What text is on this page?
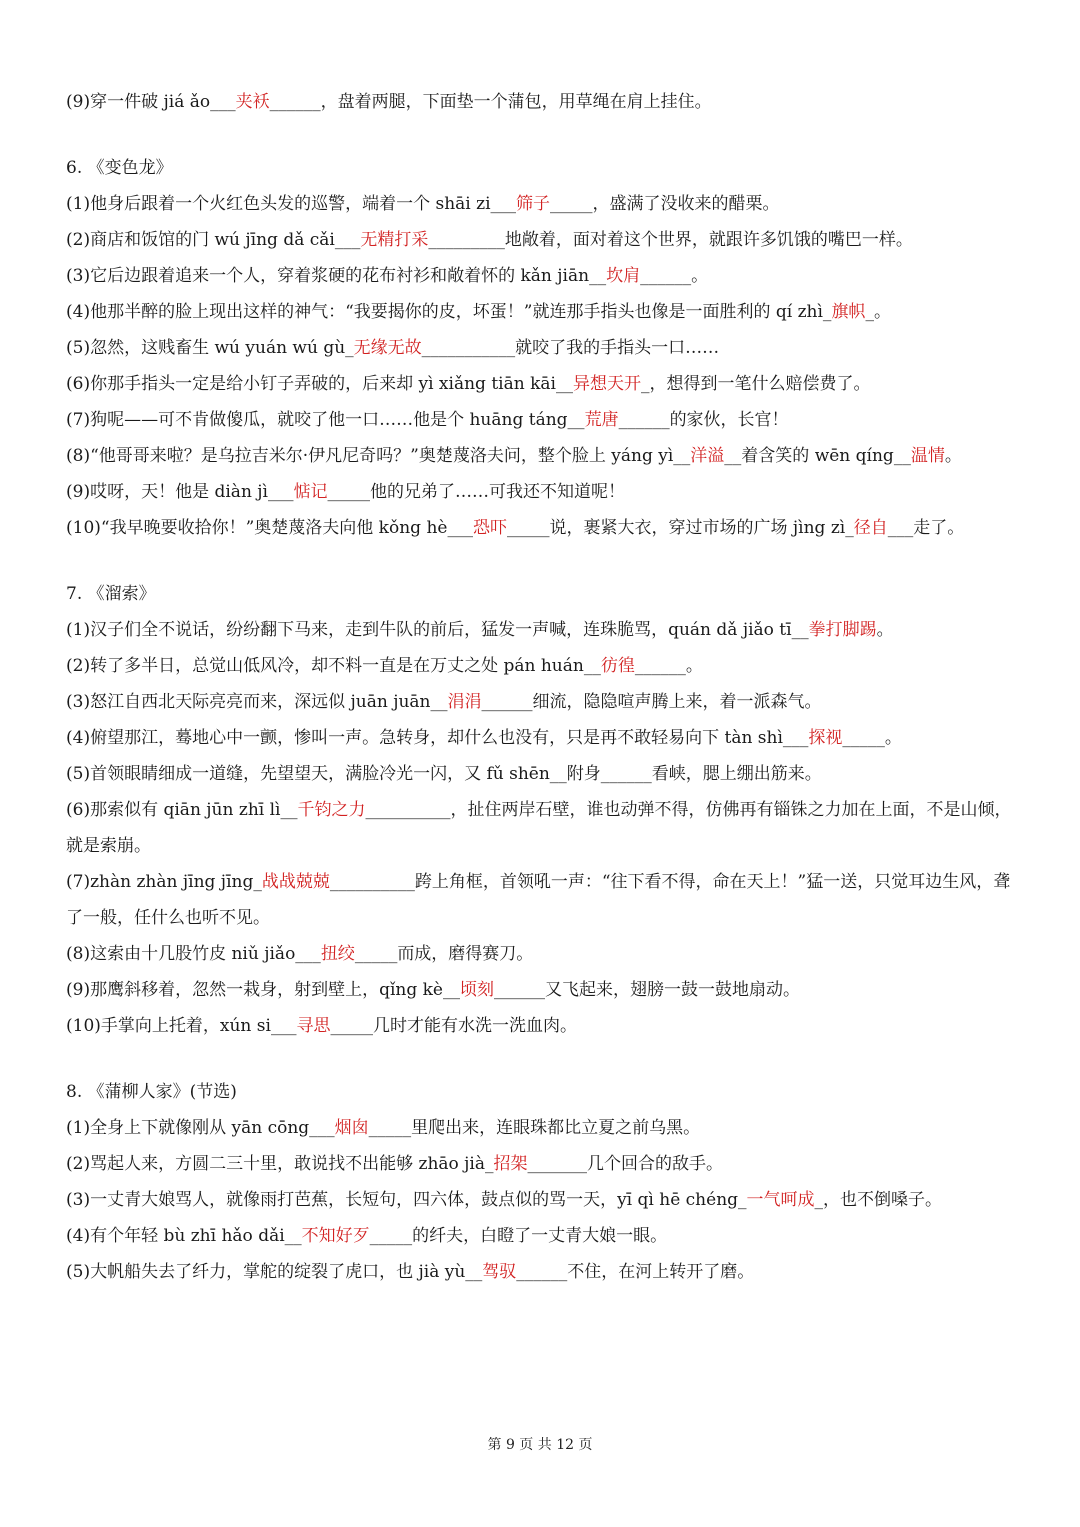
(9)穿一件破 jiá ǎo___夹袄______，盘着两腿，下面垫一个蒲包，用草绳在肩上挂住。
6. 《变色龙》
(1)他身后跟着一个火红色头发的巡警，端着一个 shāi zi___筛子_____，盛满了没收来的醋栗。
(2)商店和饭馆的门 wú jīng dǎ cǎi___无精打采_________地敞着，面对着这个世界，就跟许多饥饿的嘴巴一样。
(3)它后边跟着追来一个人，穿着浆硬的花布衬衫和敞着怀的 kǎn jiān__坎肩______。
(4)他那半醉的脸上现出这样的神气：“我要揭你的皮，坏蛋！”就连那手指头也像是一面胜利的 qí zhì_旗帜_。
(5)忽然，这贱畜生 wú yuán wú gù_无缘无故___________就咬了我的手指头一口……
(6)你那手指头一定是给小钉子弄破的，后来却 yì xiǎng tiān kāi__异想天开_，想得到一笔什么赔偿费了。
(7)狗呢——可不肯做傻瓜，就咬了他一口……他是个 huāng táng__荒唐______的家伙，长官！
(8)“他哥哥来啦？是乌拉吉米尔·伊凡尼奇吗？”奥楚蔑洛夫问，整个脸上 yáng yì__洋溢__着含笑的 wēn qíng__温情。
(9)哎呀，天！他是 diàn jì___惦记_____他的兄弟了……可我还不知道呢！
(10)“我早晚要收拾你！”奥楚蔑洛夫向他 kǒng hè___恐吓_____说，裹紧大衣，穿过市场的广场 jìng zì_径自___走了。
7. 《溜索》
(1)汉子们全不说话，纷纷翻下马来，走到牛队的前后，猛发一声喊，连珠脆骂，quán dǎ jiǎo tī__拳打脚踢。
(2)转了多半日，总觉山低风冷，却不料一直是在万丈之处 pán huán__彷徨______。
(3)怒江自西北天际亮亮而来，深远似 juān juān__涓涓______细流，隐隐喧声腾上来，着一派森气。
(4)俯望那江，蓦地心中一颤，惨叫一声。急转身，却什么也没有，只是再不敢轻易向下 tàn shì___探视_____。
(5)首领眼睛细成一道缝，先望望天，满脸冷光一闪，又 fǔ shēn__附身______看峡，腮上绷出筋来。
(6)那索似有 qiān jūn zhī lì__千钧之力__________，扯住两岸石壁，谁也动弹不得，仿佛再有锱铢之力加在上面，不是山倾，就是索崩。
(7)zhàn zhàn jīng jīng_战战兢兢__________跨上角框，首领吼一声：“往下看不得，命在天上！”猛一送，只觉耳边生风，聋了一般，任什么也听不见。
(8)这索由十几股竹皮 niǔ jiǎo___扭绞_____而成，磨得赛刀。
(9)那鹰斜移着，忽然一栽身，射到壁上，qǐng kè__顷刻______又飞起来，翅膀一鼓一鼓地扇动。
(10)手掌向上托着，xún si___寻思_____几时才能有水洗一洗血肉。
8. 《蒲柳人家》(节选)
(1)全身上下就像刚从 yān cōng___烟囱_____里爬出来，连眼珠都比立夏之前乌黑。
(2)骂起人来，方圆二三十里，敢说找不出能够 zhāo jià_招架_______几个回合的敌手。
(3)一丈青大娘骂人，就像雨打芭蕉，长短句，四六体，鼓点似的骂一天，yī qì hē chéng_一气呵成_，也不倒嗓子。
(4)有个年轻 bù zhī hǎo dǎi__不知好歹_____的纤夫，白瞪了一丈青大娘一眼。
(5)大帆船失去了纤力，掌舵的绽裂了虎口，也 jià yù__驾驭______不住，在河上转开了磨。
第 9 页 共 12 页
